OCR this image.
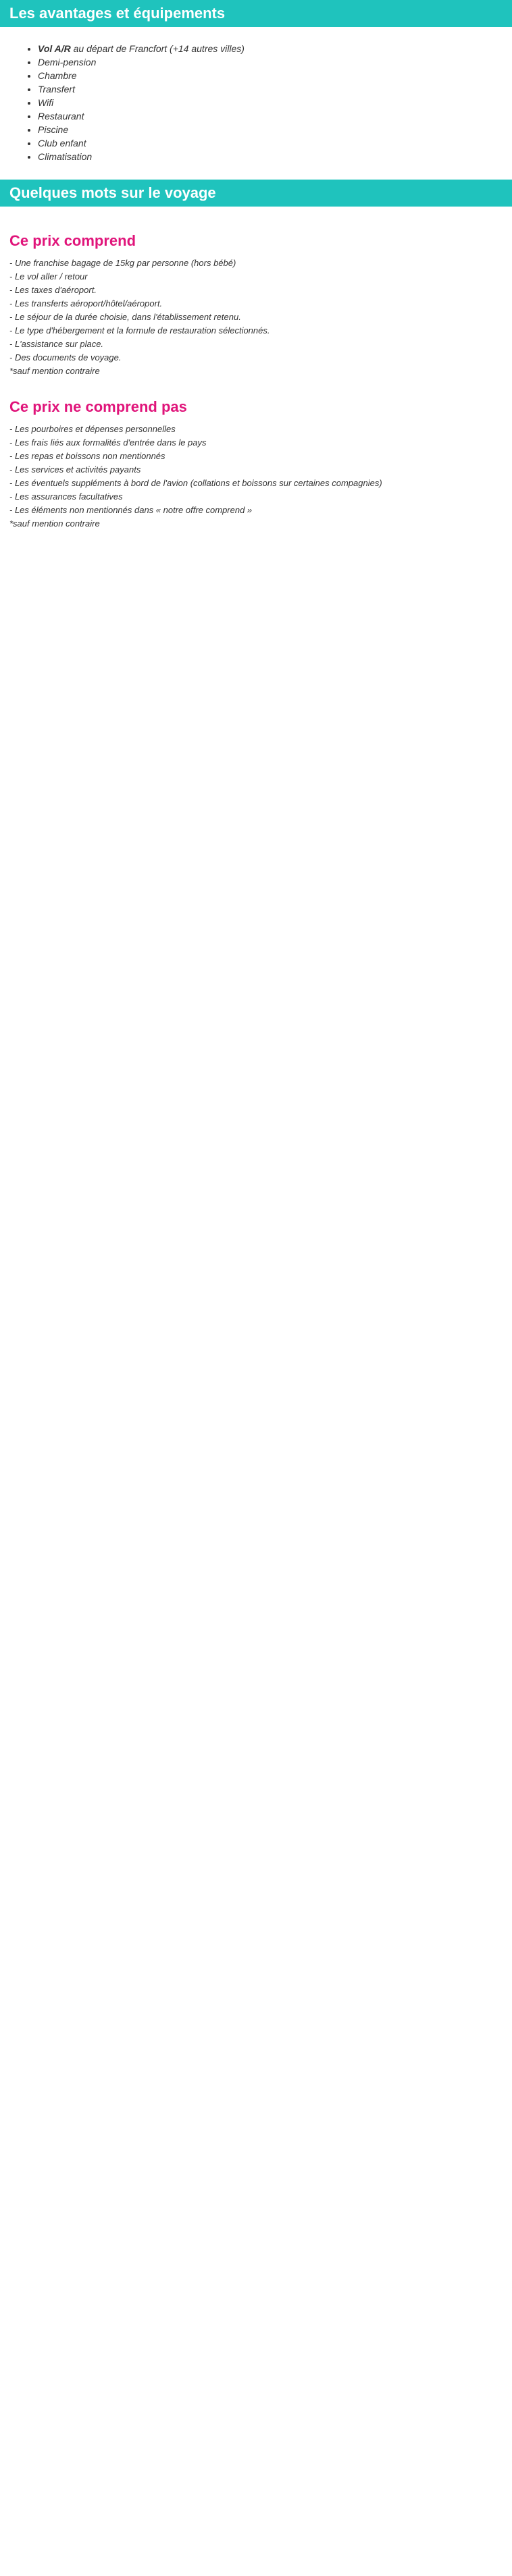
Les avantages et équipements
• Vol A/R au départ de Francfort (+14 autres villes)
• Demi-pension
• Chambre
• Transfert
• Wifi
• Restaurant
• Piscine
• Club enfant
• Climatisation
Quelques mots sur le voyage
Ce prix comprend
- Une franchise bagage de 15kg par personne (hors bébé)
- Le vol aller / retour
- Les taxes d'aéroport.
- Les transferts aéroport/hôtel/aéroport.
- Le séjour de la durée choisie, dans l'établissement retenu.
- Le type d'hébergement et la formule de restauration sélectionnés.
- L'assistance sur place.
- Des documents de voyage.
*sauf mention contraire
Ce prix ne comprend pas
- Les pourboires et dépenses personnelles
- Les frais liés aux formalités d'entrée dans le pays
- Les repas et boissons non mentionnés
- Les services et activités payants
- Les éventuels suppléments à bord de l'avion (collations et boissons sur certaines compagnies)
- Les assurances facultatives
- Les éléments non mentionnés dans « notre offre comprend »
*sauf mention contraire
